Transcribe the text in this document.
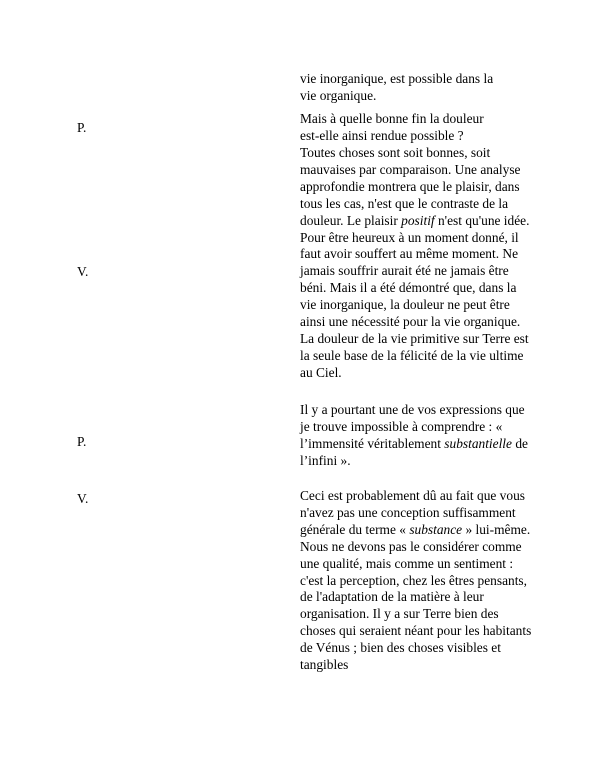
vie inorganique, est possible dans la
vie organique.
P.
Mais à quelle bonne fin la douleur
est-elle ainsi rendue possible ?
V.
Toutes choses sont soit bonnes, soit mauvaises par comparaison. Une analyse approfondie montrera que le plaisir, dans tous les cas, n'est que le contraste de la douleur. Le plaisir positif n'est qu'une idée. Pour être heureux à un moment donné, il faut avoir souffert au même moment. Ne jamais souffrir aurait été ne jamais être béni. Mais il a été démontré que, dans la vie inorganique, la douleur ne peut être ainsi une nécessité pour la vie organique. La douleur de la vie primitive sur Terre est la seule base de la félicité de la vie ultime au Ciel.
P.
Il y a pourtant une de vos expressions que je trouve impossible à comprendre : « l’immensité véritablement substantielle de l’infini ».
V.	Ceci est probablement dû au fait que vous n'avez pas une conception suffisamment générale du terme « substance » lui-même. Nous ne devons pas le considérer comme une qualité, mais comme un sentiment : c'est la perception, chez les êtres pensants, de l'adaptation de la matière à leur organisation. Il y a sur Terre bien des choses qui seraient néant pour les habitants de Vénus ; bien des choses visibles et tangibles
